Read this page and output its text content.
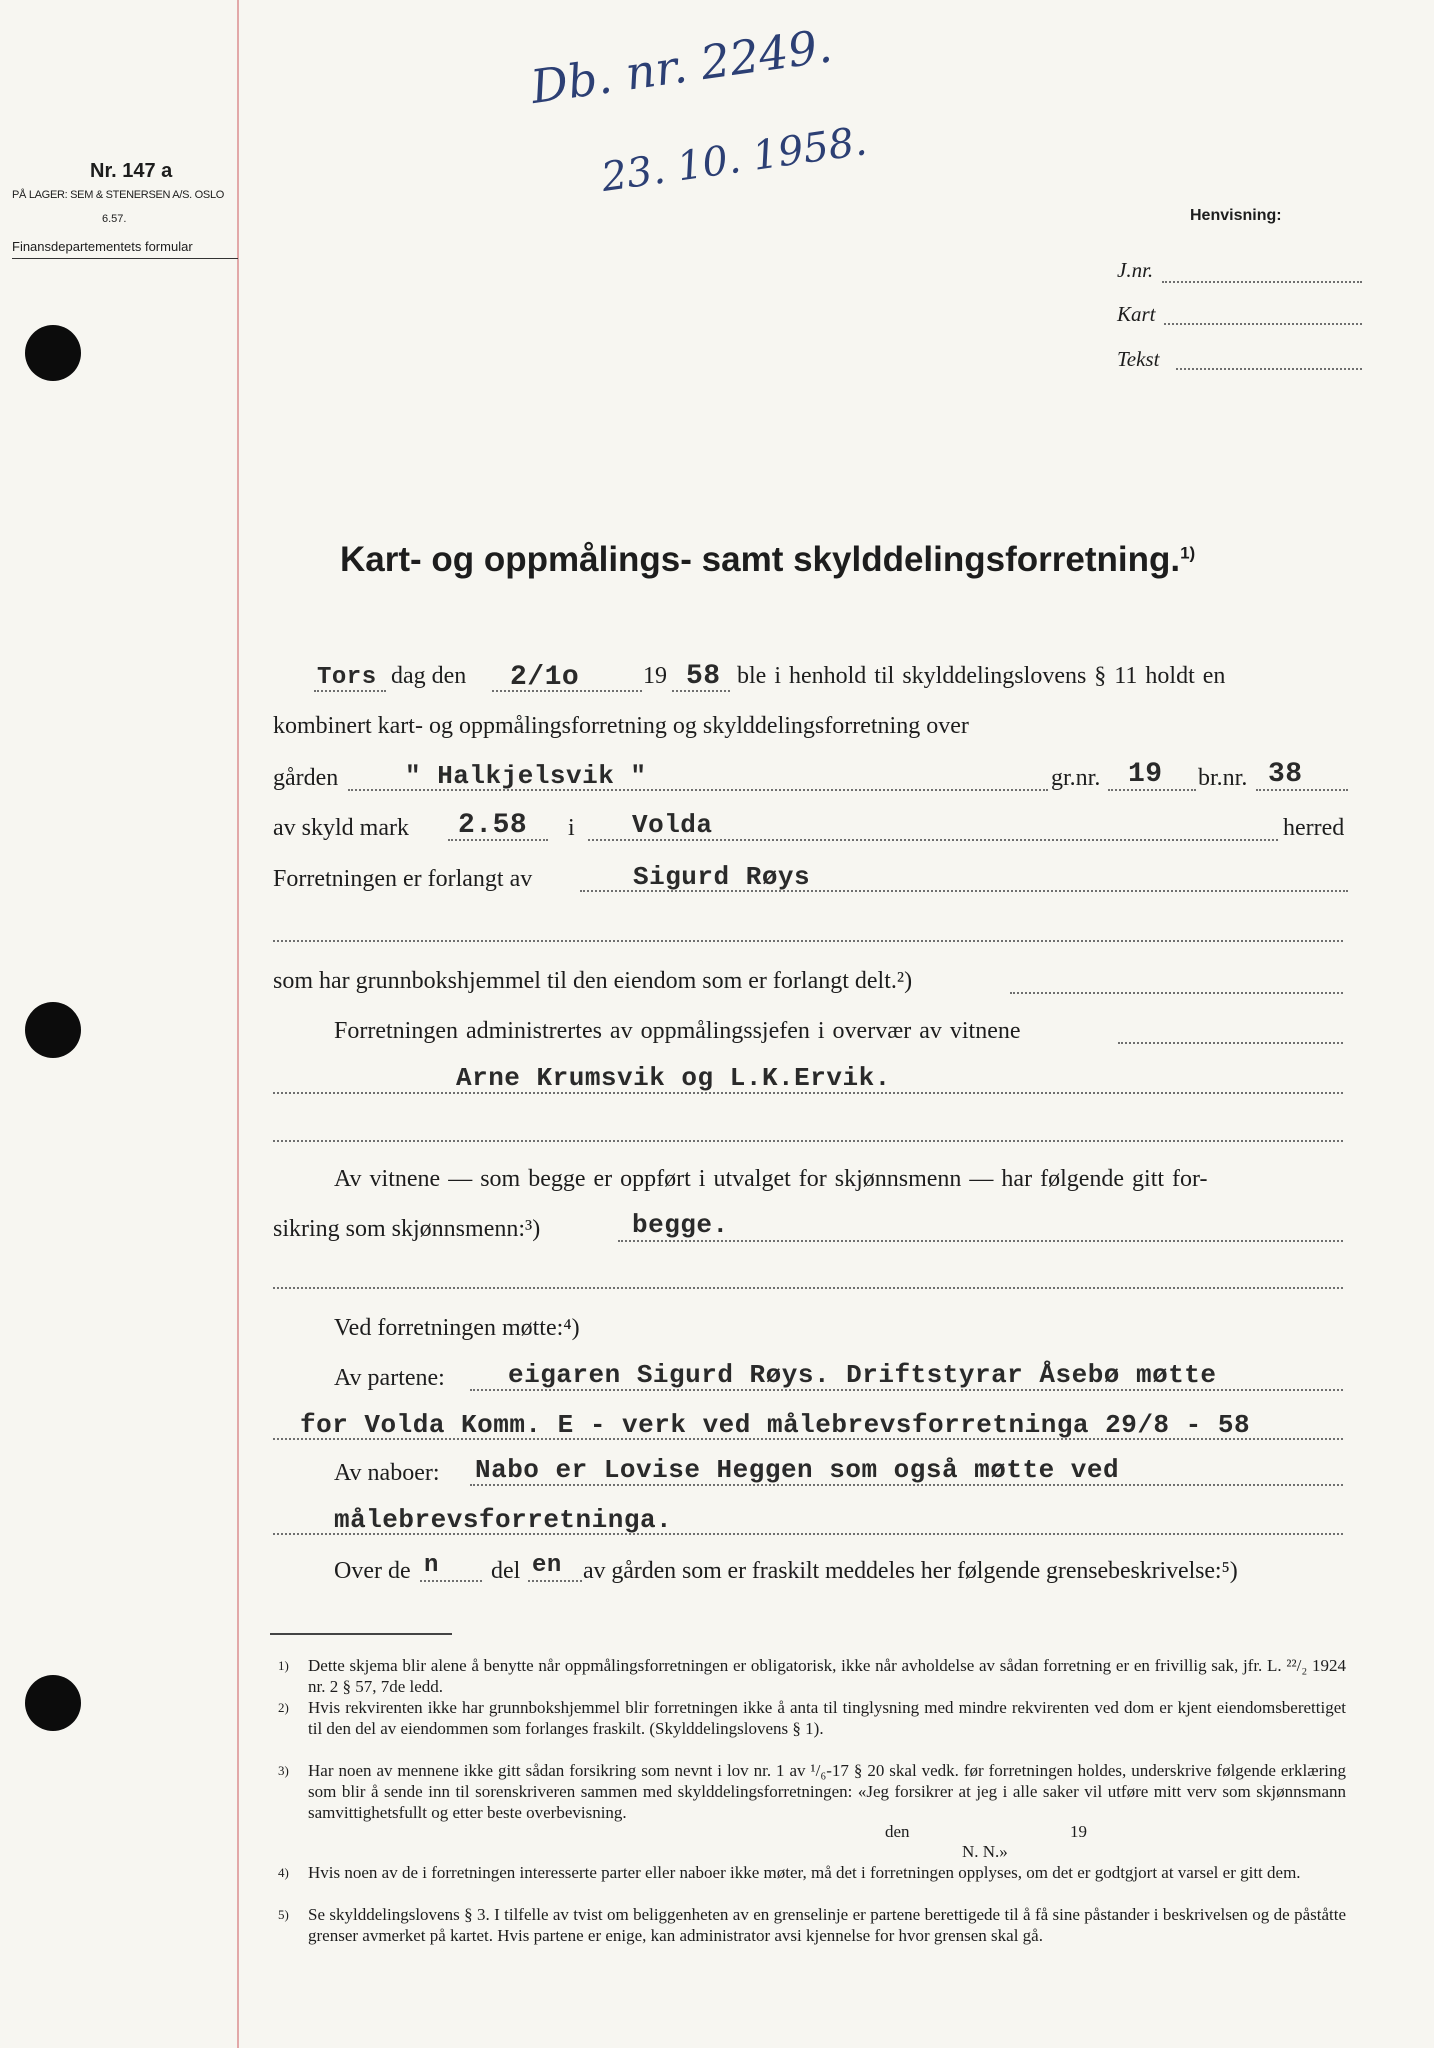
Db. nr. 2249.
23. 10. 1958.
Nr. 147 a
PÅ LAGER: SEM & STENERSEN A/S. OSLO
6.57.
Finansdepartementets formular
Henvisning:
J.nr.
Kart
Tekst
Kart- og oppmålings- samt skylddelingsforretning.$^{1)}$
Tors dag den 2/1o	19 58 ble i henhold til skylddelingslovens § 11 holdt en
kombinert kart- og oppmålingsforretning og skylddelingsforretning over
gården	" Halkjelsvik "	gr.nr. 19 br.nr. 38
av skyld mark 2.58 i Volda	herred
Forretningen er forlangt av	Sigurd Røys
som har grunnbokshjemmel til den eiendom som er forlangt delt.²)
Forretningen administrertes av oppmålingssjefen i overvær av vitnene
Arne Krumsvik og L.K.Ervik.
Av vitnene — som begge er oppført i utvalget for skjønnsmenn — har følgende gitt for-
sikring som skjønnsmenn:³)	begge.
Ved forretningen møtte:⁴)
Av partene: eigaren Sigurd Røys. Driftstyrar Åsebø møtte
for Volda Komm. E - verk ved målebrevsforretninga 29/8 - 58
Av naboer: Nabo er Lovise Heggen som også møtte ved
målebrevsforretninga.
Over de n del en av gården som er fraskilt meddeles her følgende grensebeskrivelse:⁵)
1) Dette skjema blir alene å benytte når oppmålingsforretningen er obligatorisk, ikke når avholdelse av sådan forretning er en frivillig sak, jfr. L. ²²/₂ 1924 nr. 2 § 57, 7de ledd.
2) Hvis rekvirenten ikke har grunnbokshjemmel blir forretningen ikke å anta til tinglysning med mindre rekvirenten ved dom er kjent eiendomsberettiget til den del av eiendommen som forlanges fraskilt. (Skylddelingslovens § 1).
3) Har noen av mennene ikke gitt sådan forsikring som nevnt i lov nr. 1 av ¹/₆-17 § 20 skal vedk. før forretningen holdes, underskrive følgende erklæring som blir å sende inn til sorenskriveren sammen med skylddelingsforretningen: «Jeg forsikrer at jeg i alle saker vil utføre mitt verv som skjønnsmann samvittighetsfullt og etter beste overbevisning.
den	19
N. N.»
4) Hvis noen av de i forretningen interesserte parter eller naboer ikke møter, må det i forretningen opplyses, om det er godtgjort at varsel er gitt dem.
5) Se skylddelingslovens § 3. I tilfelle av tvist om beliggenheten av en grenselinje er partene berettigede til å få sine påstander i beskrivelsen og de påståtte grenser avmerket på kartet. Hvis partene er enige, kan administrator avsi kjennelse for hvor grensen skal gå.
